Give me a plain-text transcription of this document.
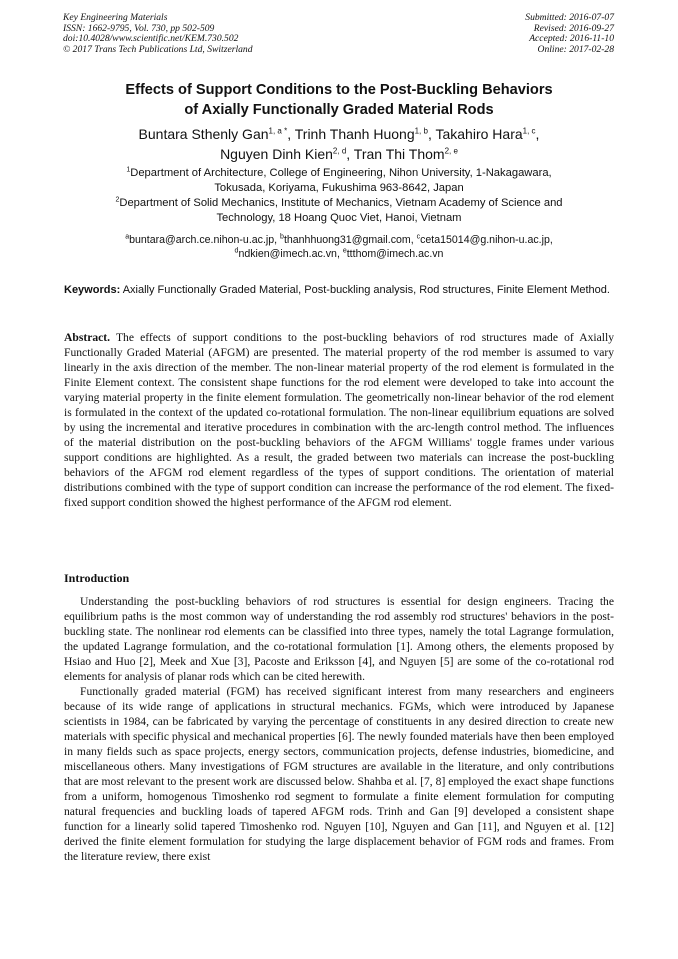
Key Engineering Materials
ISSN: 1662-9795, Vol. 730, pp 502-509
doi:10.4028/www.scientific.net/KEM.730.502
© 2017 Trans Tech Publications Ltd, Switzerland
Submitted: 2016-07-07
Revised: 2016-09-27
Accepted: 2016-11-10
Online: 2017-02-28
Effects of Support Conditions to the Post-Buckling Behaviors
of Axially Functionally Graded Material Rods
Buntara Sthenly Gan$^{1, a *}$, Trinh Thanh Huong$^{1, b}$, Takahiro Hara$^{1, c}$,
Nguyen Dinh Kien$^{2, d}$, Tran Thi Thom$^{2, e}$
$^1$Department of Architecture, College of Engineering, Nihon University, 1-Nakagawara,
Tokusada, Koriyama, Fukushima 963-8642, Japan
$^2$Department of Solid Mechanics, Institute of Mechanics, Vietnam Academy of Science and
Technology, 18 Hoang Quoc Viet, Hanoi, Vietnam
$^a$buntara@arch.ce.nihon-u.ac.jp, $^b$thanhhuong31@gmail.com, $^c$ceta15014@g.nihon-u.ac.jp,
$^d$ndkien@imech.ac.vn, $^e$ttthom@imech.ac.vn
Keywords: Axially Functionally Graded Material, Post-buckling analysis, Rod structures, Finite Element Method.
Abstract. The effects of support conditions to the post-buckling behaviors of rod structures made of Axially Functionally Graded Material (AFGM) are presented. The material property of the rod member is assumed to vary linearly in the axis direction of the member. The non-linear material property of the rod element is formulated in the Finite Element context. The consistent shape functions for the rod element were developed to take into account the varying material property in the finite element formulation. The geometrically non-linear behavior of the rod element is formulated in the context of the updated co-rotational formulation. The non-linear equilibrium equations are solved by using the incremental and iterative procedures in combination with the arc-length control method. The influences of the material distribution on the post-buckling behaviors of the AFGM Williams' toggle frames under various support conditions are highlighted. As a result, the graded between two materials can increase the post-buckling behaviors of the AFGM rod element regardless of the types of support conditions. The orientation of material distributions combined with the type of support condition can increase the performance of the rod element. The fixed-fixed support condition showed the highest performance of the AFGM rod element.
Introduction

Understanding the post-buckling behaviors of rod structures is essential for design engineers. Tracing the equilibrium paths is the most common way of understanding the rod assembly rod structures' behaviors in the post-buckling state. The nonlinear rod elements can be classified into three types, namely the total Lagrange formulation, the updated Lagrange formulation, and the co-rotational formulation [1]. Among others, the elements proposed by Hsiao and Huo [2], Meek and Xue [3], Pacoste and Eriksson [4], and Nguyen [5] are some of the co-rotational rod elements for analysis of planar rods which can be cited herewith.

Functionally graded material (FGM) has received significant interest from many researchers and engineers because of its wide range of applications in structural mechanics. FGMs, which were introduced by Japanese scientists in 1984, can be fabricated by varying the percentage of constituents in any desired direction to create new materials with specific physical and mechanical properties [6]. The newly founded materials have then been employed in many fields such as space projects, energy sectors, communication projects, defense industries, biomedicine, and miscellaneous others. Many investigations of FGM structures are available in the literature, and only contributions that are most relevant to the present work are discussed below. Shahba et al. [7, 8] employed the exact shape functions from a uniform, homogenous Timoshenko rod segment to formulate a finite element formulation for computing natural frequencies and buckling loads of tapered AFGM rods. Trinh and Gan [9] developed a consistent shape function for a linearly solid tapered Timoshenko rod. Nguyen [10], Nguyen and Gan [11], and Nguyen et al. [12] derived the finite element formulation for studying the large displacement behavior of FGM rods and frames. From the literature review, there exist
